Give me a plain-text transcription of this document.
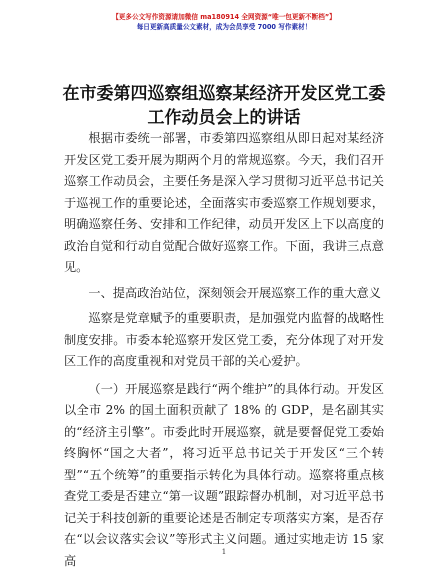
【更多公文写作资源请加微信 ma180914 全网资源“唯一包更新不断档”】
每日更新高质量公文素材，成为会员享受 7000 写作素材！
在市委第四巡察组巡察某经济开发区党工委工作动员会上的讲话

根据市委统一部署，市委第四巡察组从即日起对某经济开发区党工委开展为期两个月的常规巡察。今天，我们召开巡察工作动员会，主要任务是深入学习贯彻习近平总书记关于巡视工作的重要论述，全面落实市委巡察工作规划要求，明确巡察任务、安排和工作纪律，动员开发区上下以高度的政治自觉和行动自觉配合做好巡察工作。下面，我讲三点意见。

一、提高政治站位，深刻领会开展巡察工作的重大意义

巡察是党章赋予的重要职责，是加强党内监督的战略性制度安排。市委本轮巡察开发区党工委，充分体现了对开发区工作的高度重视和对党员干部的关心爱护。

（一）开展巡察是践行“两个维护”的具体行动。开发区以全市 2% 的国土面积贡献了 18% 的 GDP，是名副其实的“经济主引擎”。市委此时开展巡察，就是要督促党工委始终胸怀“国之大者”，将习近平总书记关于开发区“三个转型”“五个统筹”的重要指示转化为具体行动。巡察将重点核查党工委是否建立“第一议题”跟踪督办机制，对习近平总书记关于科技创新的重要论述是否制定专项落实方案，是否存在“以会议落实会议”等形式主义问题。通过实地走访 15 家高

1
